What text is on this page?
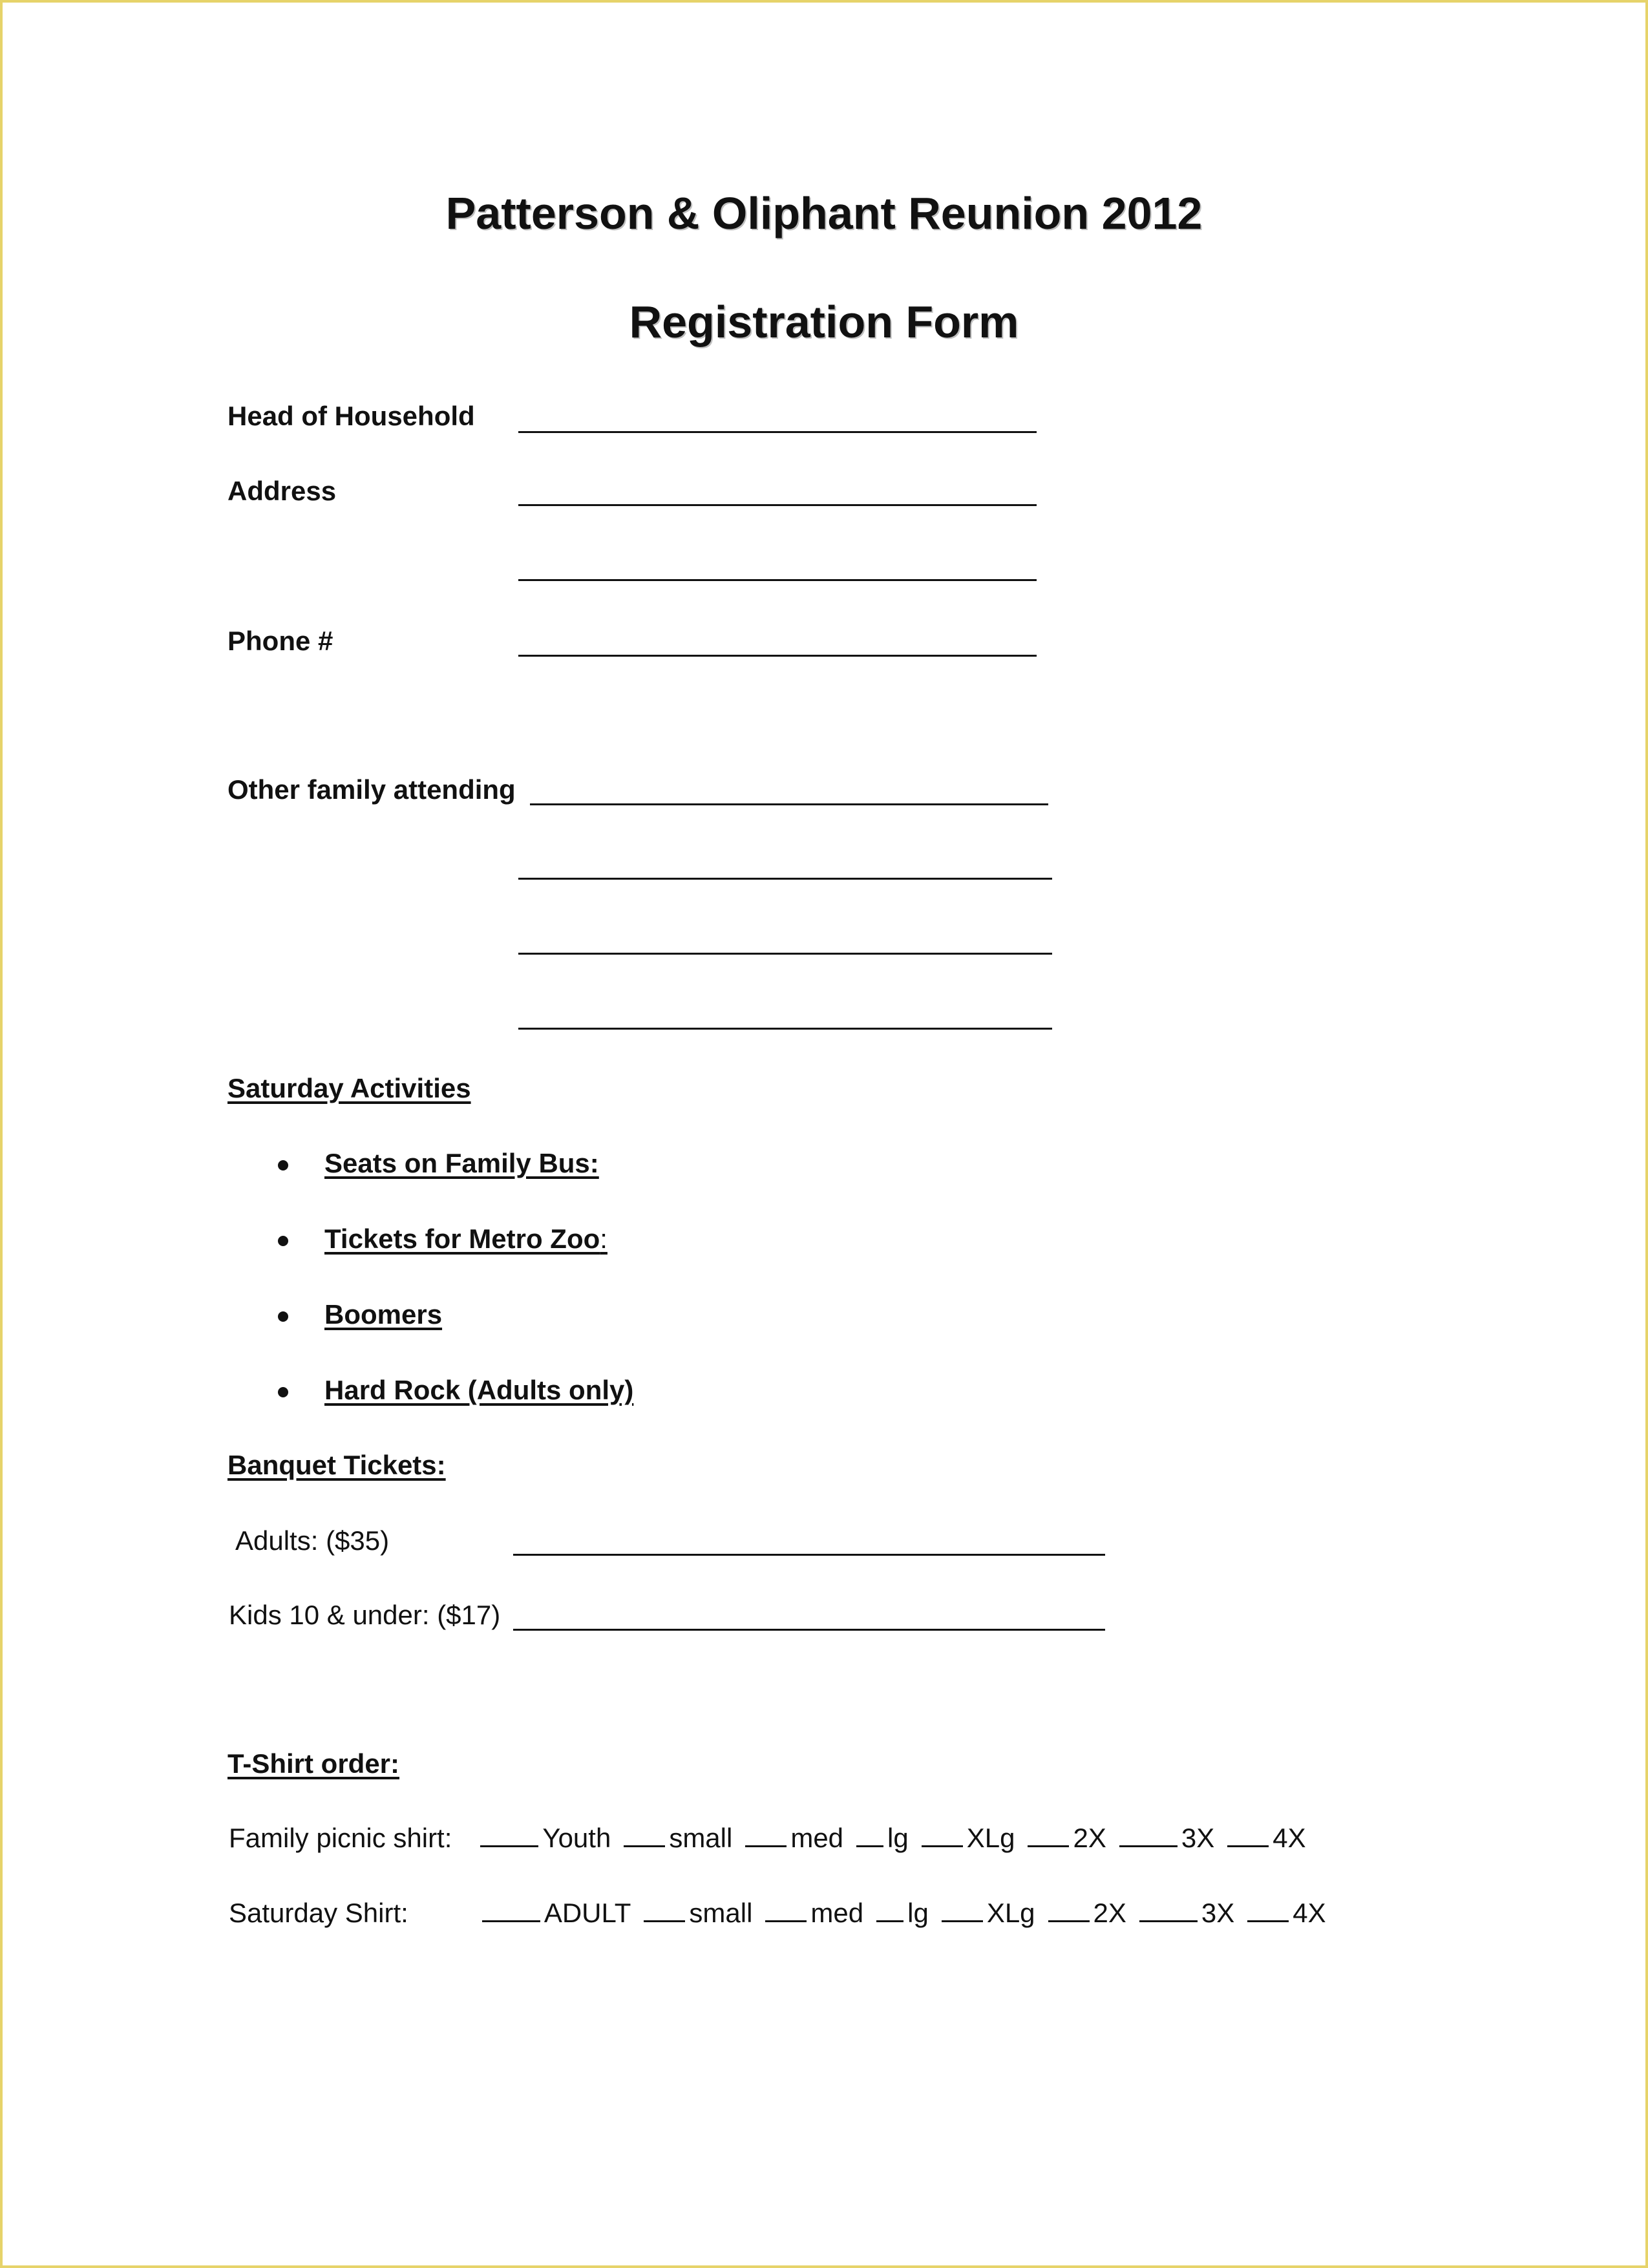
Patterson & Oliphant Reunion 2012
Registration Form
Head of Household
Address
Phone #
Other family attending
Saturday Activities
Seats on Family Bus:
Tickets for Metro Zoo:
Boomers
Hard Rock (Adults only)
Banquet Tickets:
Adults: ($35)
Kids 10 & under: ($17)
T-Shirt order:
Family picnic shirt:	Youth small med lg XLg 2X	3X 4X
Saturday Shirt:	ADULT small med lg XLg 2X	3X 4X
